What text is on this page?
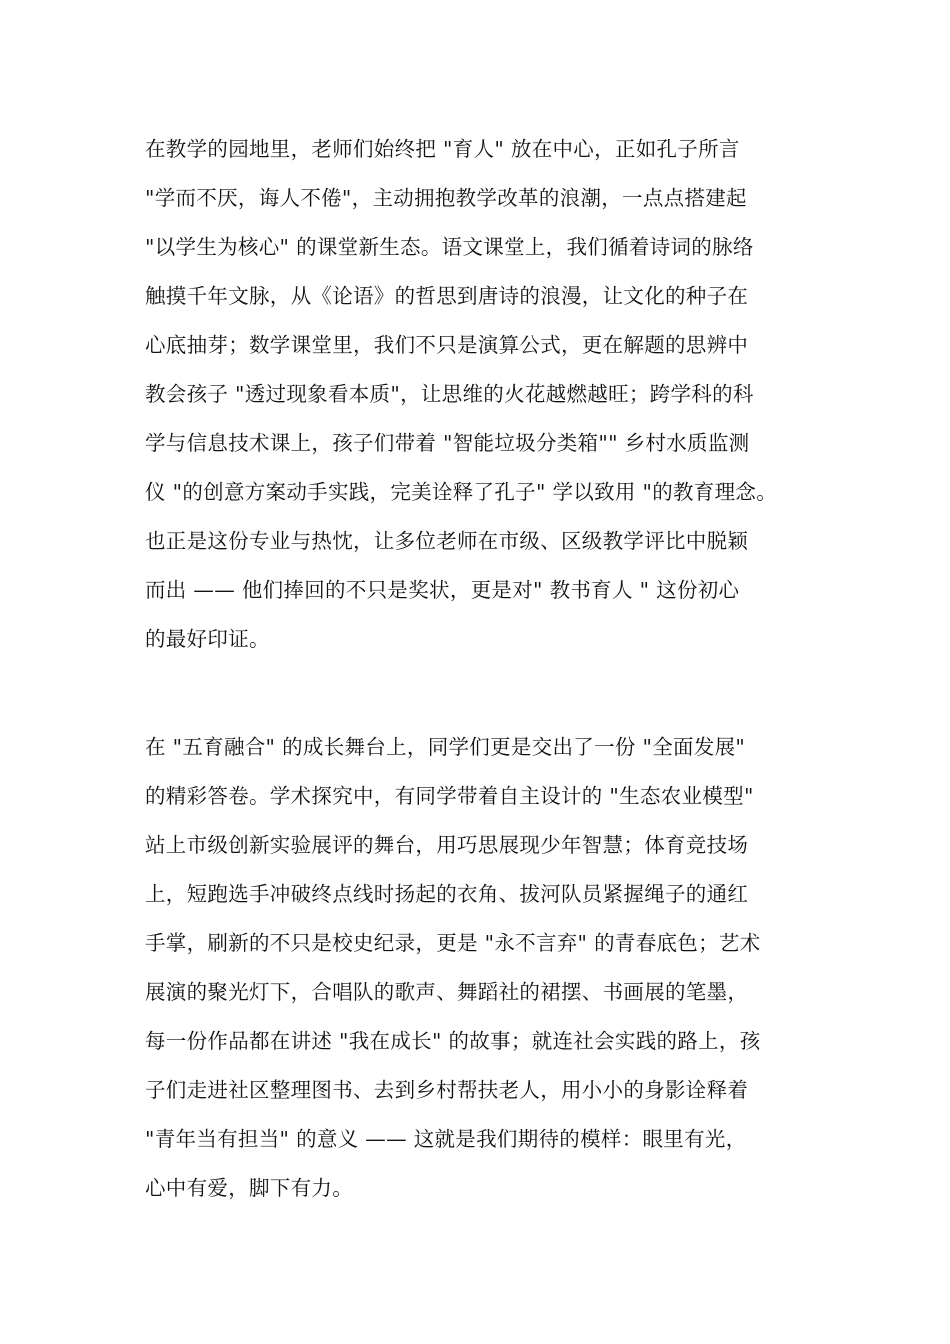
在教学的园地里，老师们始终把 "育人" 放在中心，正如孔子所言
"学而不厌，诲人不倦"，主动拥抱教学改革的浪潮，一点点搭建起
"以学生为核心" 的课堂新生态。语文课堂上，我们循着诗词的脉络
触摸千年文脉，从《论语》的哲思到唐诗的浪漫，让文化的种子在
心底抽芽；数学课堂里，我们不只是演算公式，更在解题的思辨中
教会孩子 "透过现象看本质"，让思维的火花越燃越旺；跨学科的科
学与信息技术课上，孩子们带着 "智能垃圾分类箱"" 乡村水质监测
仪 "的创意方案动手实践，完美诠释了孔子" 学以致用 "的教育理念。
也正是这份专业与热忱，让多位老师在市级、区级教学评比中脱颖
而出 —— 他们捧回的不只是奖状，更是对" 教书育人 " 这份初心
的最好印证。
在 "五育融合" 的成长舞台上，同学们更是交出了一份 "全面发展"
的精彩答卷。学术探究中，有同学带着自主设计的 "生态农业模型"
站上市级创新实验展评的舞台，用巧思展现少年智慧；体育竞技场
上，短跑选手冲破终点线时扬起的衣角、拔河队员紧握绳子的通红
手掌，刷新的不只是校史纪录，更是 "永不言弃" 的青春底色；艺术
展演的聚光灯下，合唱队的歌声、舞蹈社的裙摆、书画展的笔墨，
每一份作品都在讲述 "我在成长" 的故事；就连社会实践的路上，孩
子们走进社区整理图书、去到乡村帮扶老人，用小小的身影诠释着
"青年当有担当" 的意义 —— 这就是我们期待的模样：眼里有光，
心中有爱，脚下有力。
